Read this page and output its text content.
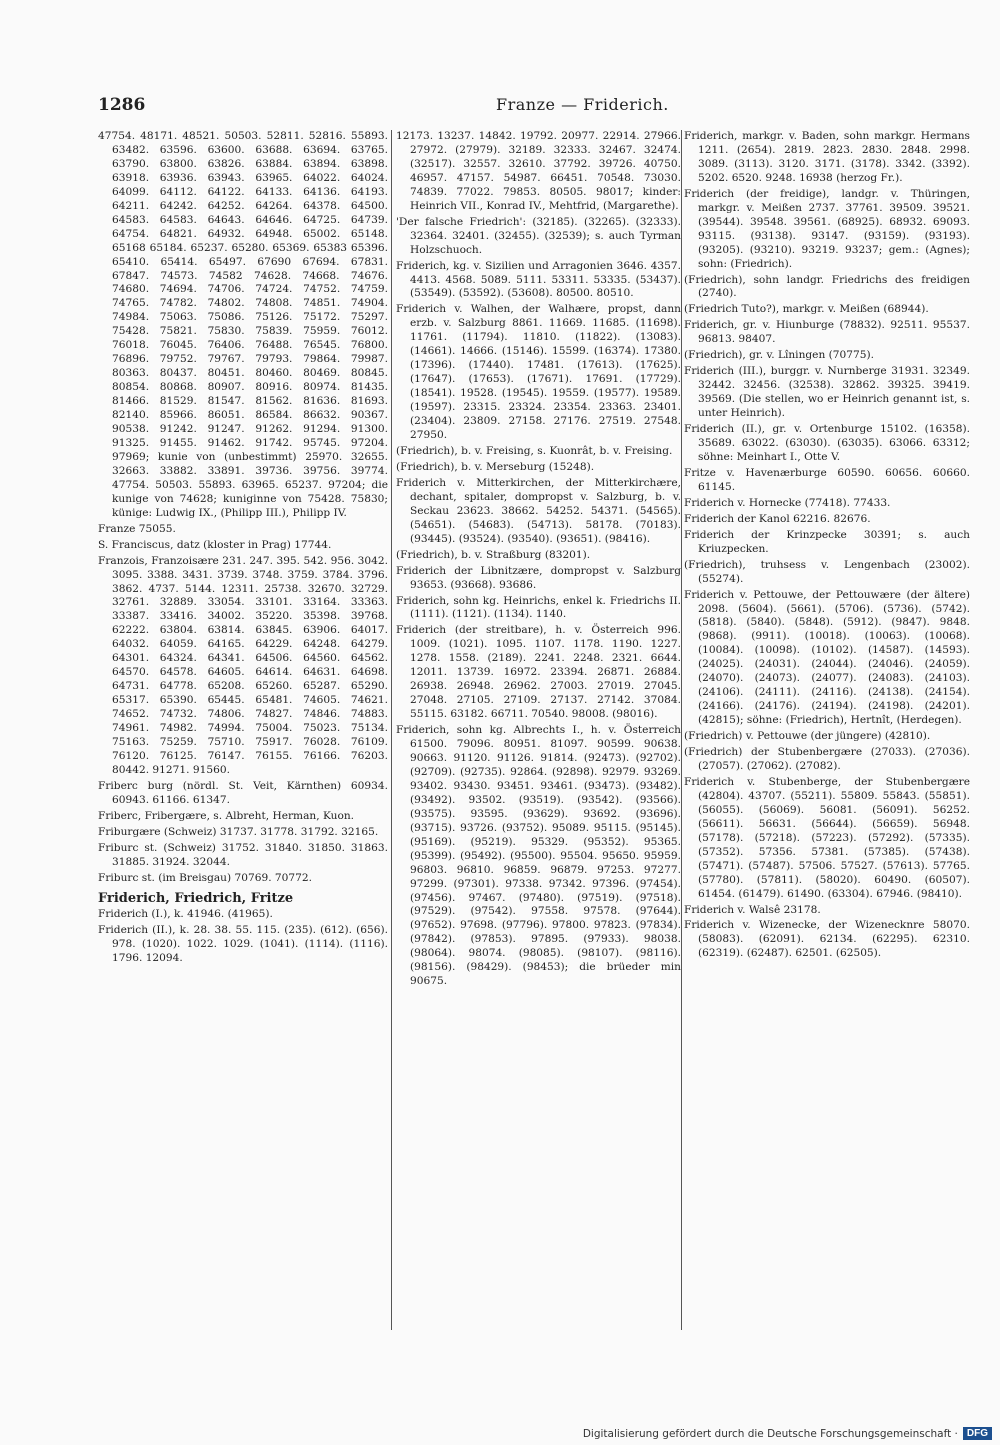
1286	Franze — Friderich.
47754. 48171. 48521. 50503. 52811. 52816. 55893. 63482. 63596. 63600. 63688. 63694. 63765. 63790. 63800. 63826. 63884. 63894. 63898. 63918. 63936. 63943. 63965. 64022. 64024. 64099. 64112. 64122. 64133. 64136. 64193. 64211. 64242. 64252. 64264. 64378. 64500. 64583. 64583. 64643. 64646. 64725. 64739. 64754. 64821. 64932. 64948. 65002. 65148. 65168 65184. 65237. 65280. 65369. 65383 65396. 65410. 65414. 65497. 67690 67694. 67831. 67847. 74573. 74582 74628. 74668. 74676. 74680. 74694. 74706. 74724. 74752. 74759. 74765. 74782. 74802. 74808. 74851. 74904. 74984. 75063. 75086. 75126. 75172. 75297. 75428. 75821. 75830. 75839. 75959. 76012. 76018. 76045. 76406. 76488. 76545. 76800. 76896. 79752. 79767. 79793. 79864. 79987. 80363. 80437. 80451. 80460. 80469. 80845. 80854. 80868. 80907. 80916. 80974. 81435. 81466. 81529. 81547. 81562. 81636. 81693. 82140. 85966. 86051. 86584. 86632. 90367. 90538. 91242. 91247. 91262. 91294. 91300. 91325. 91455. 91462. 91742. 95745. 97204. 97969; kunie von (unbestimmt) 25970. 32655. 32663. 33882. 33891. 39736. 39756. 39774. 47754. 50503. 55893. 63965. 65237. 97204; die kunige von 74628; kuniginne von 75428. 75830; künige: Ludwig IX., (Philipp III.), Philipp IV.
Franze 75055.
S. Franciscus, datz (kloster in Prag) 17744.
Franzois, Franzoisære 231. 247. 395. 542. 956. 3042. 3095. 3388. 3431. 3739. 3748. 3759. 3784. 3796. 3862. 4737. 5144. 12311. 25738. 32670. 32729. 32761. 32889. 33054. 33101. 33164. 33363. 33387. 33416. 34002. 35220. 35398. 39768. 62222. 63804. 63814. 63845. 63906. 64017. 64032. 64059. 64165. 64229. 64248. 64279. 64301. 64324. 64341. 64506. 64560. 64562. 64570. 64578. 64605. 64614. 64631. 64698. 64731. 64778. 65208. 65260. 65287. 65290. 65317. 65390. 65445. 65481. 74605. 74621. 74652. 74732. 74806. 74827. 74846. 74883. 74961. 74982. 74994. 75004. 75023. 75134. 75163. 75259. 75710. 75917. 76028. 76109. 76120. 76125. 76147. 76155. 76166. 76203. 80442. 91271. 91560.
Friberc burg (nördl. St. Veit, Kärnthen) 60934. 60943. 61166. 61347.
Friberc, Fribergære, s. Albreht, Herman, Kuon.
Friburgære (Schweiz) 31737. 31778. 31792. 32165.
Friburc st. (Schweiz) 31752. 31840. 31850. 31863. 31885. 31924. 32044.
Friburc st. (im Breisgau) 70769. 70772.
Friderich, Friedrich, Fritze
Friderich (I.), k. 41946. (41965).
Friderich (II.), k. 28. 38. 55. 115. (235). (612). (656). 978. (1020). 1022. 1029. (1041). (1114). (1116). 1796. 12094.
12173. 13237. 14842. 19792. 20977. 22914. 27966. 27972. (27979). 32189. 32333. 32467. 32474. (32517). 32557. 32610. 37792. 39726. 40750. 46957. 47157. 54987. 66451. 70548. 73030. 74839. 77022. 79853. 80505. 98017; kinder: Heinrich VII., Konrad IV., Mehtfrid, (Margarethe).
'Der falsche Friedrich': (32185). (32265). (32333). 32364. 32401. (32455). (32539); s. auch Tyrman Holzschuoch.
Friderich, kg. v. Sizilien und Arragonien 3646. 4357. 4413. 4568. 5089. 5111. 53311. 53335. (53437). (53549). (53592). (53608). 80500. 80510.
Friderich v. Walhen, der Walhære, propst, dann erzb. v. Salzburg 8861. 11669. 11685. (11698). 11761. (11794). 11810. (11822). (13083). (14661). 14666. (15146). 15599. (16374). 17380. (17396). (17440). 17481. (17613). (17625). (17647). (17653). (17671). 17691. (17729). (18541). 19528. (19545). 19559. (19577). 19589. (19597). 23315. 23324. 23354. 23363. 23401. (23404). 23809. 27158. 27176. 27519. 27548. 27950.
(Friedrich), b. v. Freising, s. Kuonrât, b. v. Freising.
(Friedrich), b. v. Merseburg (15248).
Friderich v. Mitterkirchen, der Mitterkirchære, dechant, spitaler, dompropst v. Salzburg, b. v. Seckau 23623. 38662. 54252. 54371. (54565). (54651). (54683). (54713). 58178. (70183). (93445). (93524). (93540). (93651). (98416).
(Friedrich), b. v. Straßburg (83201).
Friderich der Libnitzære, dompropst v. Salzburg 93653. (93668). 93686.
Friderich, sohn kg. Heinrichs, enkel k. Friedrichs II. (1111). (1121). (1134). 1140.
Friderich (der streitbare), h. v. Österreich 996. 1009. (1021). 1095. 1107. 1178. 1190. 1227. 1278. 1558. (2189). 2241. 2248. 2321. 6644. 12011. 13739. 16972. 23394. 26871. 26884. 26938. 26948. 26962. 27003. 27019. 27045. 27048. 27105. 27109. 27137. 27142. 37084. 55115. 63182. 66711. 70540. 98008. (98016).
Friderich, sohn kg. Albrechts I., h. v. Österreich 61500. 79096. 80951. 81097. 90599. 90638. 90663. 91120. 91126. 91814. (92473). (92702). (92709). (92735). 92864. (92898). 92979. 93269. 93402. 93430. 93451. 93461. (93473). (93482). (93492). 93502. (93519). (93542). (93566). (93575). 93595. (93629). 93692. (93696). (93715). 93726. (93752). 95089. 95115. (95145). (95169). (95219). 95329. (95352). 95365. (95399). (95492). (95500). 95504. 95650. 95959. 96803. 96810. 96859. 96879. 97253. 97277. 97299. (97301). 97338. 97342. 97396. (97454). (97456). 97467. (97480). (97519). (97518). (97529). (97542). 97558. 97578. (97644). (97652). 97698. (97796). 97800. 97823. (97834). (97842). (97853). 97895. (97933). 98038. (98064). 98074. (98085). (98107). (98116). (98156). (98429). (98453); die brüeder min 90675.
Friderich, markgr. v. Baden, sohn markgr. Hermans 1211. (2654). 2819. 2823. 2830. 2848. 2998. 3089. (3113). 3120. 3171. (3178). 3342. (3392). 5202. 6520. 9248. 16938 (herzog Fr.).
Friderich (der freidige), landgr. v. Thüringen, markgr. v. Meißen 2737. 37761. 39509. 39521. (39544). 39548. 39561. (68925). 68932. 69093. 93115. (93138). 93147. (93159). (93193). (93205). (93210). 93219. 93237; gem.: (Agnes); sohn: (Friedrich).
(Friedrich), sohn landgr. Friedrichs des freidigen (2740).
(Friedrich Tuto?), markgr. v. Meißen (68944).
Friderich, gr. v. Hiunburge (78832). 92511. 95537. 96813. 98407.
(Friedrich), gr. v. Lîningen (70775).
Friderich (III.), burggr. v. Nurnberge 31931. 32349. 32442. 32456. (32538). 32862. 39325. 39419. 39569. (Die stellen, wo er Heinrich genannt ist, s. unter Heinrich).
Friderich (II.), gr. v. Ortenburge 15102. (16358). 35689. 63022. (63030). (63035). 63066. 63312; söhne: Meinhart I., Otte V.
Fritze v. Havenærburge 60590. 60656. 60660. 61145.
Friderich v. Hornecke (77418). 77433.
Friderich der Kanol 62216. 82676.
Friderich der Krinzpecke 30391; s. auch Kriuzpecken.
(Friedrich), truhsess v. Lengenbach (23002). (55274).
Friderich v. Pettouwe, der Pettouwære (der ältere) 2098. (5604). (5661). (5706). (5736). (5742). (5818). (5840). (5848). (5912). (9847). 9848. (9868). (9911). (10018). (10063). (10068). (10084). (10098). (10102). (14587). (14593). (24025). (24031). (24044). (24046). (24059). (24070). (24073). (24077). (24083). (24103). (24106). (24111). (24116). (24138). (24154). (24166). (24176). (24194). (24198). (24201). (42815); söhne: (Friedrich), Hertnît, (Herdegen).
(Friedrich) v. Pettouwe (der jüngere) (42810).
(Friedrich) der Stubenbergære (27033). (27036). (27057). (27062). (27082).
Friderich v. Stubenberge, der Stubenbergære (42804). 43707. (55211). 55809. 55843. (55851). (56055). (56069). 56081. (56091). 56252. (56611). 56631. (56644). (56659). 56948. (57178). (57218). (57223). (57292). (57335). (57352). 57356. 57381. (57385). (57438). (57471). (57487). 57506. 57527. (57613). 57765. (57780). (57811). (58020). 60490. (60507). 61454. (61479). 61490. (63304). 67946. (98410).
Friderich v. Walsê 23178.
Friderich v. Wizenecke, der Wizenecknre 58070. (58083). (62091). 62134. (62295). 62310. (62319). (62487). 62501. (62505).
Digitalisierung gefördert durch die Deutsche Forschungsgemeinschaft · DFG
